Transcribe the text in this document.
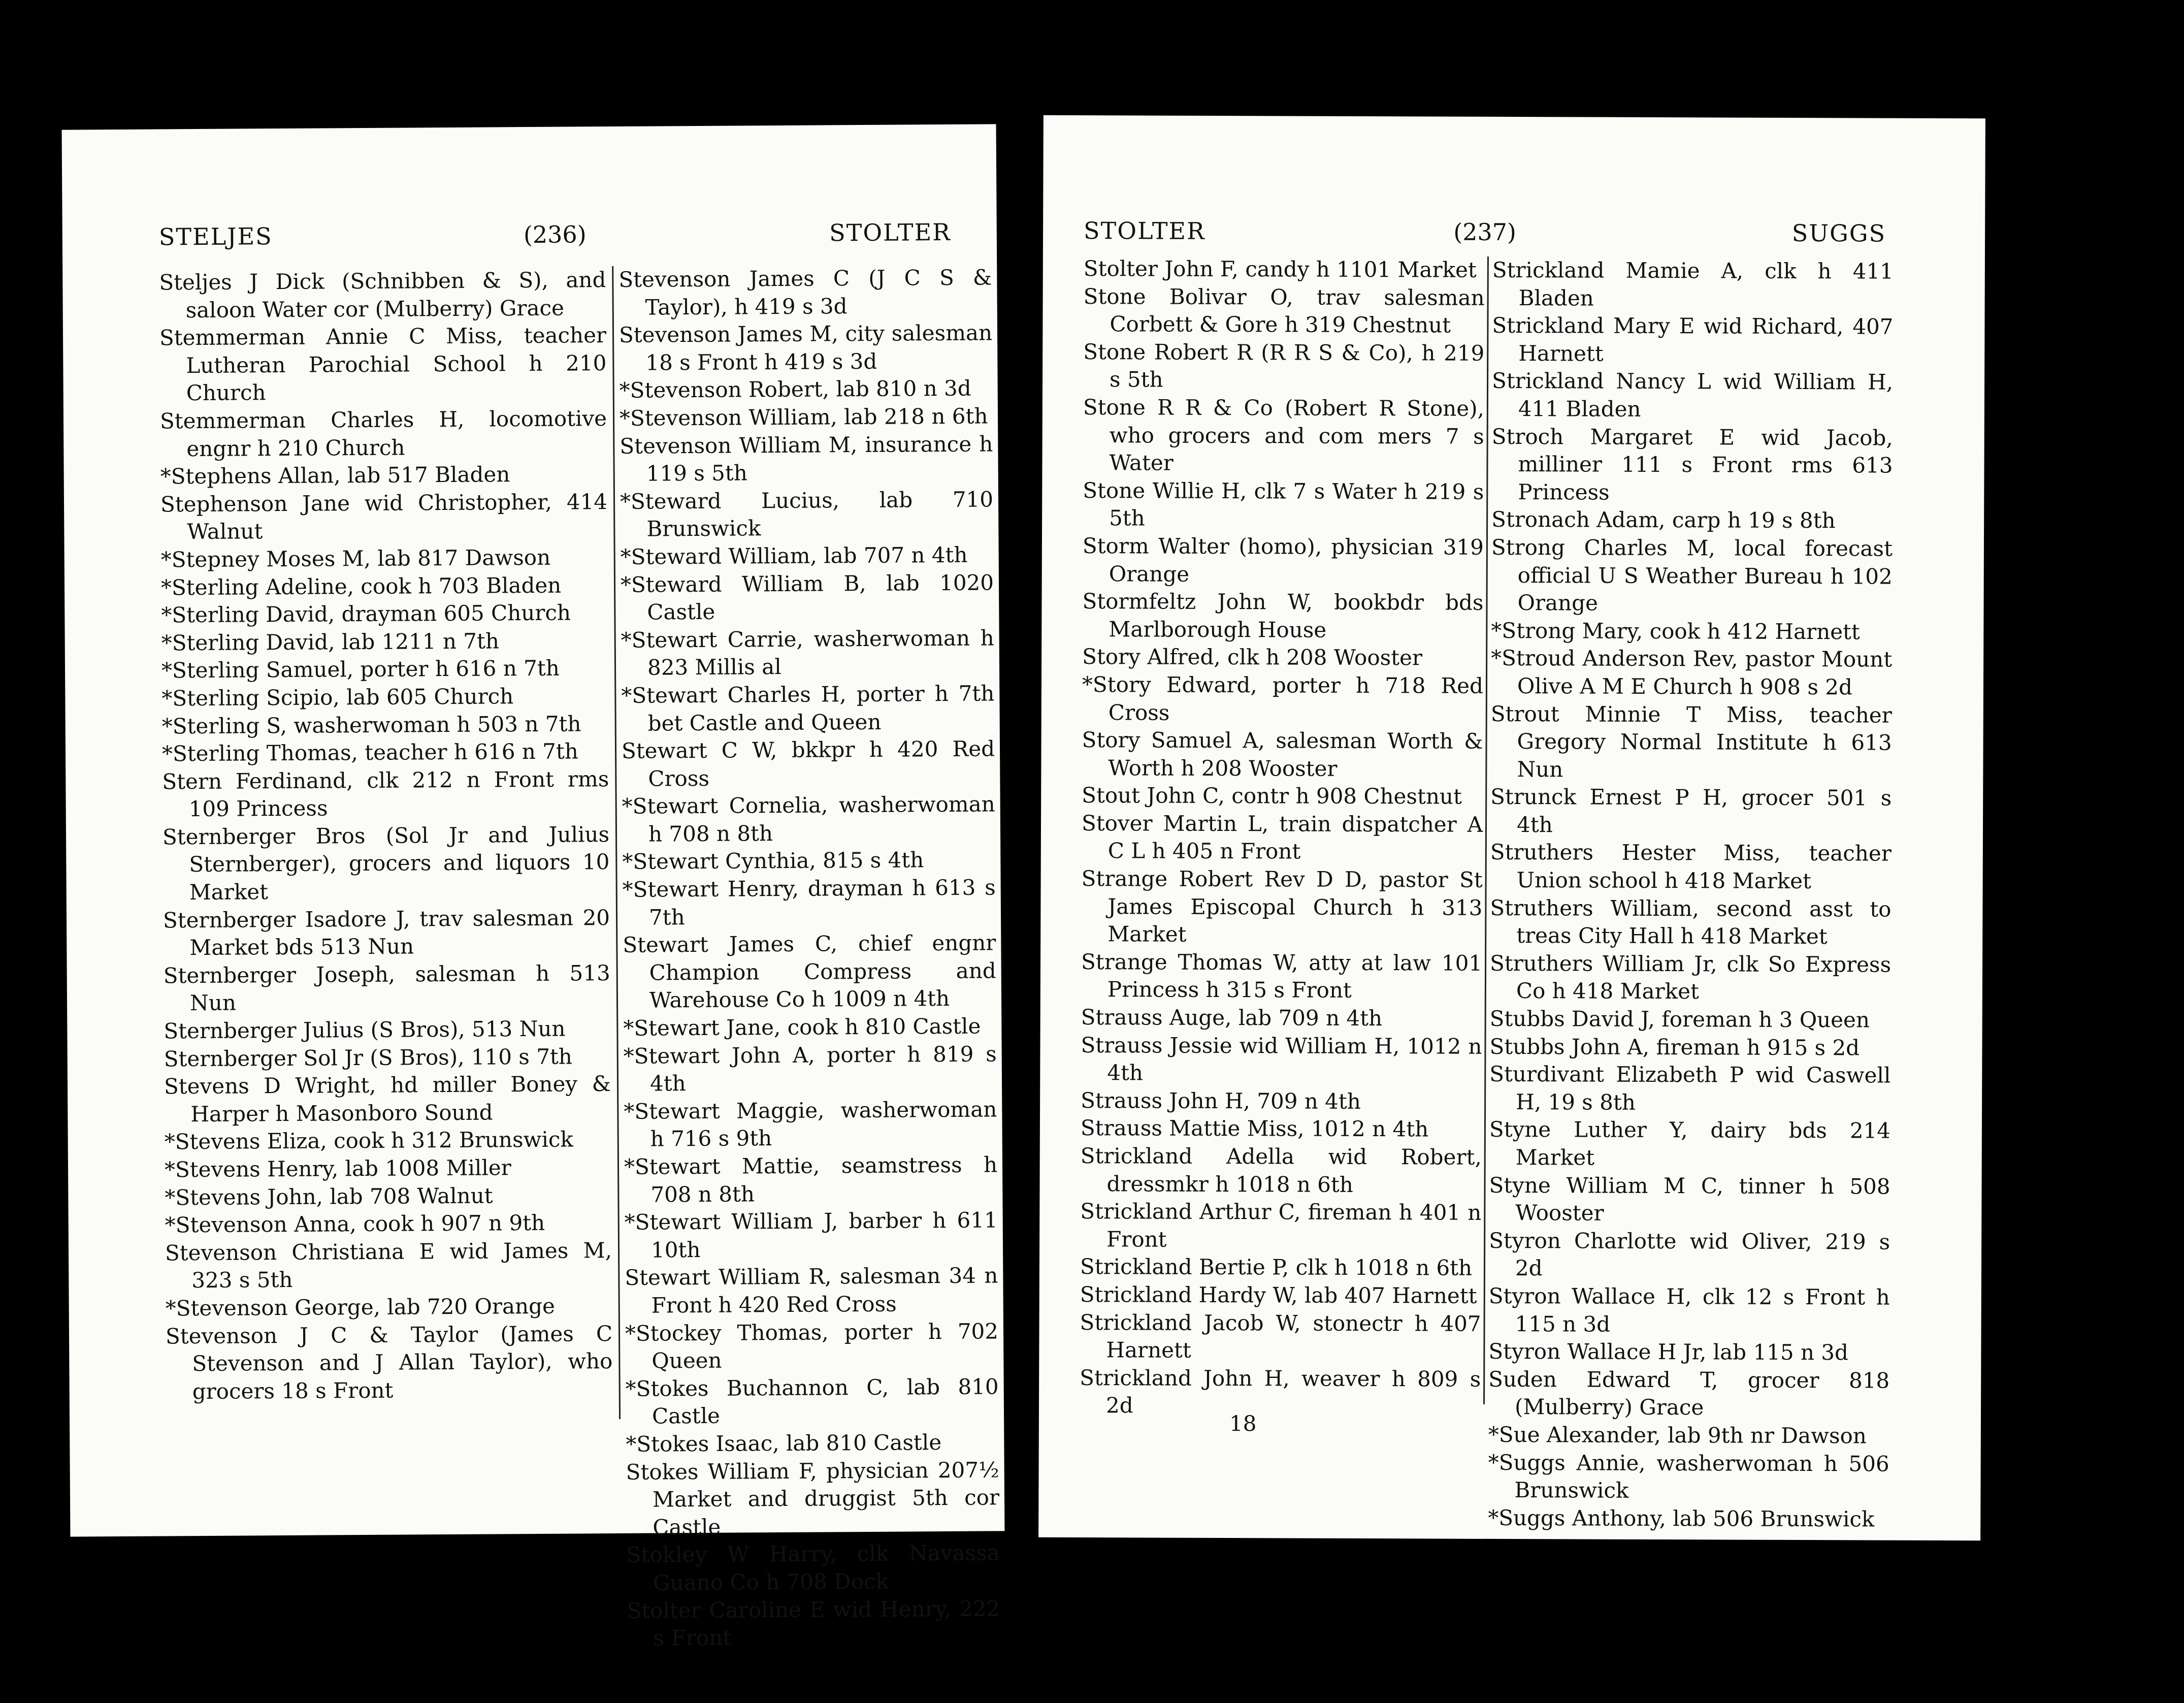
STELJES	(236)	STOLTER
Steljes J Dick (Schnibben & S), and saloon Water cor (Mulberry) Grace
Stemmerman Annie C Miss, teacher Lutheran Parochial School h 210 Church
Stemmerman Charles H, locomotive engnr h 210 Church
*Stephens Allan, lab 517 Bladen
Stephenson Jane wid Christopher, 414 Walnut
*Stepney Moses M, lab 817 Dawson
*Sterling Adeline, cook h 703 Bladen
*Sterling David, drayman 605 Church
*Sterling David, lab 1211 n 7th
*Sterling Samuel, porter h 616 n 7th
*Sterling Scipio, lab 605 Church
*Sterling S, washerwoman h 503 n 7th
*Sterling Thomas, teacher h 616 n 7th
Stern Ferdinand, clk 212 n Front rms 109 Princess
Sternberger Bros (Sol Jr and Julius Sternberger), grocers and liquors 10 Market
Sternberger Isadore J, trav salesman 20 Market bds 513 Nun
Sternberger Joseph, salesman h 513 Nun
Sternberger Julius (S Bros), 513 Nun
Sternberger Sol Jr (S Bros), 110 s 7th
Stevens D Wright, hd miller Boney & Harper h Masonboro Sound
*Stevens Eliza, cook h 312 Brunswick
*Stevens Henry, lab 1008 Miller
*Stevens John, lab 708 Walnut
*Stevenson Anna, cook h 907 n 9th
Stevenson Christiana E wid James M, 323 s 5th
*Stevenson George, lab 720 Orange
Stevenson J C & Taylor (James C Stevenson and J Allan Taylor), who grocers 18 s Front
Stevenson James C (J C S & Taylor), h 419 s 3d
Stevenson James M, city salesman 18 s Front h 419 s 3d
*Stevenson Robert, lab 810 n 3d
*Stevenson William, lab 218 n 6th
Stevenson William M, insurance h 119 s 5th
*Steward Lucius, lab 710 Brunswick
*Steward William, lab 707 n 4th
*Steward William B, lab 1020 Castle
*Stewart Carrie, washerwoman h 823 Millis al
*Stewart Charles H, porter h 7th bet Castle and Queen
Stewart C W, bkkpr h 420 Red Cross
*Stewart Cornelia, washerwoman h 708 n 8th
*Stewart Cynthia, 815 s 4th
*Stewart Henry, drayman h 613 s 7th
Stewart James C, chief engnr Champion Compress and Warehouse Co h 1009 n 4th
*Stewart Jane, cook h 810 Castle
*Stewart John A, porter h 819 s 4th
*Stewart Maggie, washerwoman h 716 s 9th
*Stewart Mattie, seamstress h 708 n 8th
*Stewart William J, barber h 611 10th
Stewart William R, salesman 34 n Front h 420 Red Cross
*Stockey Thomas, porter h 702 Queen
*Stokes Buchannon C, lab 810 Castle
*Stokes Isaac, lab 810 Castle
Stokes William F, physician 207½ Market and druggist 5th cor Castle
Stokley W Harry, clk Navassa Guano Co h 708 Dock
Stolter Caroline E wid Henry, 222 s Front
STOLTER	(237)	SUGGS
Stolter John F, candy h 1101 Market
Stone Bolivar O, trav salesman Corbett & Gore h 319 Chestnut
Stone Robert R (R R S & Co), h 219 s 5th
Stone R R & Co (Robert R Stone), who grocers and com mers 7 s Water
Stone Willie H, clk 7 s Water h 219 s 5th
Storm Walter (homo), physician 319 Orange
Stormfeltz John W, bookbdr bds Marlborough House
Story Alfred, clk h 208 Wooster
*Story Edward, porter h 718 Red Cross
Story Samuel A, salesman Worth & Worth h 208 Wooster
Stout John C, contr h 908 Chestnut
Stover Martin L, train dispatcher A C L h 405 n Front
Strange Robert Rev D D, pastor St James Episcopal Church h 313 Market
Strange Thomas W, atty at law 101 Princess h 315 s Front
Strauss Auge, lab 709 n 4th
Strauss Jessie wid William H, 1012 n 4th
Strauss John H, 709 n 4th
Strauss Mattie Miss, 1012 n 4th
Strickland Adella wid Robert, dressmkr h 1018 n 6th
Strickland Arthur C, fireman h 401 n Front
Strickland Bertie P, clk h 1018 n 6th
Strickland Hardy W, lab 407 Harnett
Strickland Jacob W, stonectr h 407 Harnett
Strickland John H, weaver h 809 s 2d
Strickland Mamie A, clk h 411 Bladen
Strickland Mary E wid Richard, 407 Harnett
Strickland Nancy L wid William H, 411 Bladen
Stroch Margaret E wid Jacob, milliner 111 s Front rms 613 Princess
Stronach Adam, carp h 19 s 8th
Strong Charles M, local forecast official U S Weather Bureau h 102 Orange
*Strong Mary, cook h 412 Harnett
*Stroud Anderson Rev, pastor Mount Olive A M E Church h 908 s 2d
Strout Minnie T Miss, teacher Gregory Normal Institute h 613 Nun
Strunck Ernest P H, grocer 501 s 4th
Struthers Hester Miss, teacher Union school h 418 Market
Struthers William, second asst to treas City Hall h 418 Market
Struthers William Jr, clk So Express Co h 418 Market
Stubbs David J, foreman h 3 Queen
Stubbs John A, fireman h 915 s 2d
Sturdivant Elizabeth P wid Caswell H, 19 s 8th
Styne Luther Y, dairy bds 214 Market
Styne William M C, tinner h 508 Wooster
Styron Charlotte wid Oliver, 219 s 2d
Styron Wallace H, clk 12 s Front h 115 n 3d
Styron Wallace H Jr, lab 115 n 3d
Suden Edward T, grocer 818 (Mulberry) Grace
*Sue Alexander, lab 9th nr Dawson
*Suggs Annie, washerwoman h 506 Brunswick
*Suggs Anthony, lab 506 Brunswick
18
